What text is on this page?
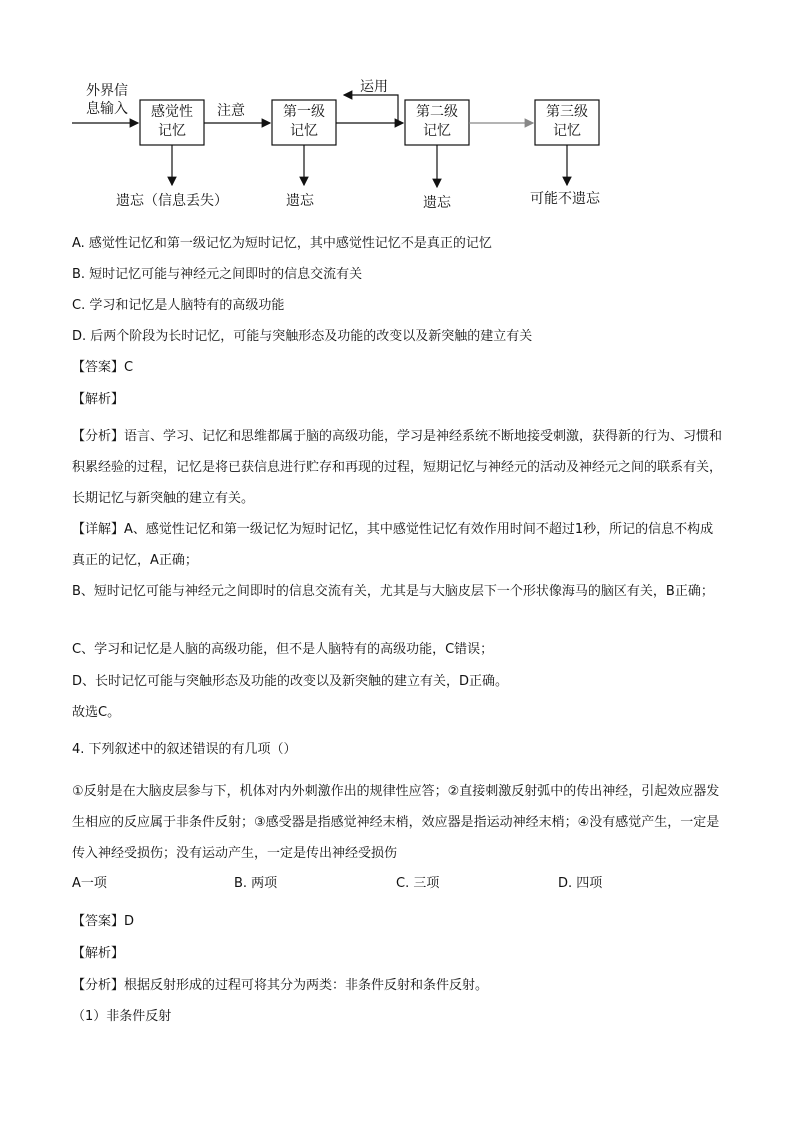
外界信
息输入	注意
运用
感觉性
记忆
第一级
记忆
第二级
记忆
第三级
记忆
遗忘（信息丢失）	遗忘	遗忘	可能不遗忘
A. 感觉性记忆和第一级记忆为短时记忆，其中感觉性记忆不是真正的记忆
B. 短时记忆可能与神经元之间即时的信息交流有关
C. 学习和记忆是人脑特有的高级功能
D. 后两个阶段为长时记忆，可能与突触形态及功能的改变以及新突触的建立有关
【答案】C
【解析】
【分析】语言、学习、记忆和思维都属于脑的高级功能，学习是神经系统不断地接受刺激，获得新的行为、习惯和积累经验的过程，记忆是将已获信息进行贮存和再现的过程，短期记忆与神经元的活动及神经元之间的联系有关，长期记忆与新突触的建立有关。
【详解】A、感觉性记忆和第一级记忆为短时记忆，其中感觉性记忆有效作用时间不超过1秒，所记的信息不构成真正的记忆，A正确；
B、短时记忆可能与神经元之间即时的信息交流有关，尤其是与大脑皮层下一个形状像海马的脑区有关，B正确；
C、学习和记忆是人脑的高级功能，但不是人脑特有的高级功能，C错误；
D、长时记忆可能与突触形态及功能的改变以及新突触的建立有关，D正确。
故选C。
4. 下列叙述中的叙述错误的有几项（）
①反射是在大脑皮层参与下，机体对内外刺激作出的规律性应答；②直接刺激反射弧中的传出神经，引起效应器发生相应的反应属于非条件反射；③感受器是指感觉神经末梢，效应器是指运动神经末梢；④没有感觉产生，一定是传入神经受损伤；没有运动产生，一定是传出神经受损伤
A一项	B. 两项	C. 三项	D. 四项
【答案】D
【解析】
【分析】根据反射形成的过程可将其分为两类：非条件反射和条件反射。
（1）非条件反射
